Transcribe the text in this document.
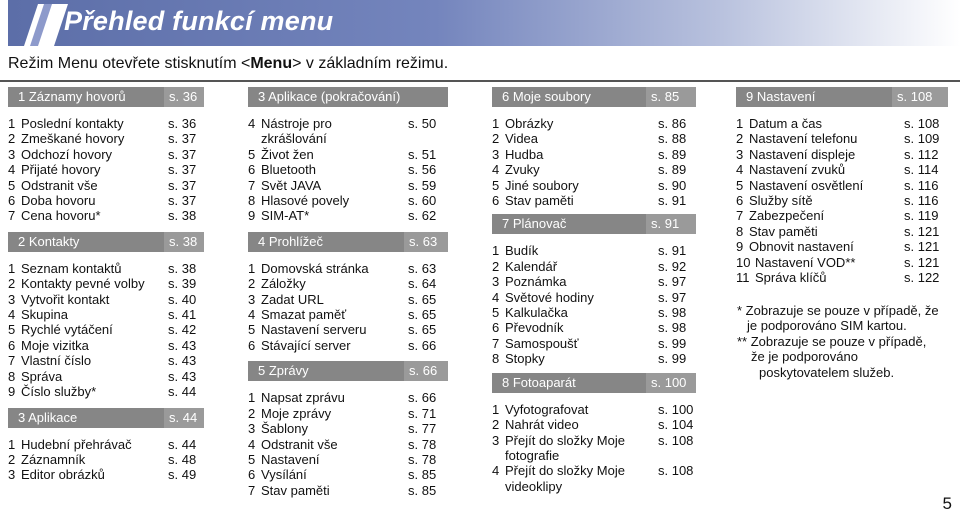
Přehled funkcí menu
Režim Menu otevřete stisknutím <Menu> v základním režimu.
1 Záznamy hovorů	s. 36
1 Poslední kontakty	s. 36
2 Zmeškané hovory	s. 37
3 Odchozí hovory	s. 37
4 Přijaté hovory	s. 37
5 Odstranit vše	s. 37
6 Doba hovoru	s. 37
7 Cena hovoru*	s. 38
2 Kontakty	s. 38
1 Seznam kontaktů	s. 38
2 Kontakty pevné volby s. 39
3 Vytvořit kontakt	s. 40
4 Skupina	s. 41
5 Rychlé vytáčení	s. 42
6 Moje vizitka	s. 43
7 Vlastní číslo	s. 43
8 Správa	s. 43
9 Číslo služby*	s. 44
3 Aplikace	s. 44
1 Hudební přehrávač	s. 44
2 Záznamník	s. 48
3 Editor obrázků	s. 49
3 Aplikace (pokračování)
4 Nástroje pro	s. 50
zkrášlování
5 Život žen	s. 51
6 Bluetooth	s. 56
7 Svět JAVA	s. 59
8 Hlasové povely	s. 60
9 SIM-AT*	s. 62
4 Prohlížeč	s. 63
1 Domovská stránka	s. 63
2 Záložky	s. 64
3 Zadat URL	s. 65
4 Smazat paměť	s. 65
5 Nastavení serveru	s. 65
6 Stávající server	s. 66
5 Zprávy	s. 66
1 Napsat zprávu	s. 66
2 Moje zprávy	s. 71
3 Šablony	s. 77
4 Odstranit vše	s. 78
5 Nastavení	s. 78
6 Vysílání	s. 85
7 Stav paměti	s. 85
6 Moje soubory	s. 85
1 Obrázky	s. 86
2 Videa	s. 88
3 Hudba	s. 89
4 Zvuky	s. 89
5 Jiné soubory	s. 90
6 Stav paměti	s. 91
7 Plánovač	s. 91
1 Budík	s. 91
2 Kalendář	s. 92
3 Poznámka	s. 97
4 Světové hodiny	s. 97
5 Kalkulačka	s. 98
6 Převodník	s. 98
7 Samospoušť	s. 99
8 Stopky	s. 99
8 Fotoaparát	s. 100
1 Vyfotografovat	s. 100
2 Nahrát video	s. 104
3 Přejít do složky Moje	s. 108
fotografie
4 Přejít do složky Moje	s. 108
videoklipy
9 Nastavení	s. 108
1 Datum a čas	s. 108
2 Nastavení telefonu	s. 109
3 Nastavení displeje	s. 112
4 Nastavení zvuků	s. 114
5 Nastavení osvětlení	s. 116
6 Služby sítě	s. 116
7 Zabezpečení	s. 119
8 Stav paměti	s. 121
9 Obnovit nastavení	s. 121
10 Nastavení VOD**	s. 121
11 Správa klíčů	s. 122
* Zobrazuje se pouze v případě, že
je podporováno SIM kartou.
** Zobrazuje se pouze v případě,
že je podporováno
poskytovatelem služeb.
5
